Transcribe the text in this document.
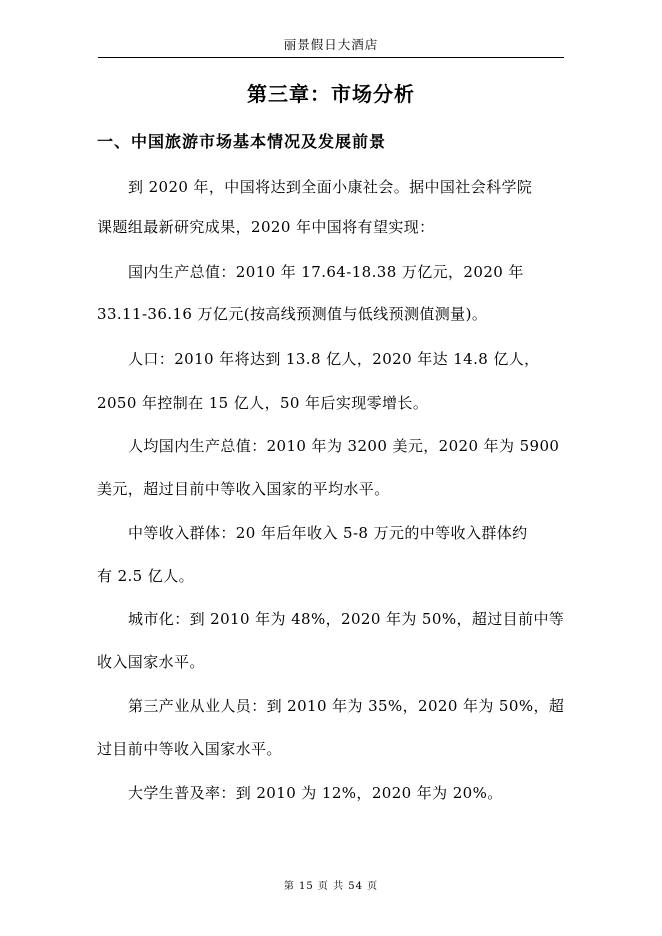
丽景假日大酒店
第三章：市场分析
一、中国旅游市场基本情况及发展前景
到 2020 年，中国将达到全面小康社会。据中国社会科学院
课题组最新研究成果，2020 年中国将有望实现：
国内生产总值：2010 年 17.64-18.38 万亿元，2020 年
33.11-36.16 万亿元(按高线预测值与低线预测值测量)。
人口：2010 年将达到 13.8 亿人，2020 年达 14.8 亿人，
2050 年控制在 15 亿人，50 年后实现零增长。
人均国内生产总值：2010 年为 3200 美元，2020 年为 5900
美元，超过目前中等收入国家的平均水平。
中等收入群体：20 年后年收入 5-8 万元的中等收入群体约
有 2.5 亿人。
城市化：到 2010 年为 48%，2020 年为 50%，超过目前中等
收入国家水平。
第三产业从业人员：到 2010 年为 35%，2020 年为 50%，超
过目前中等收入国家水平。
大学生普及率：到 2010 为 12%，2020 年为 20%。
第 15 页 共 54 页
